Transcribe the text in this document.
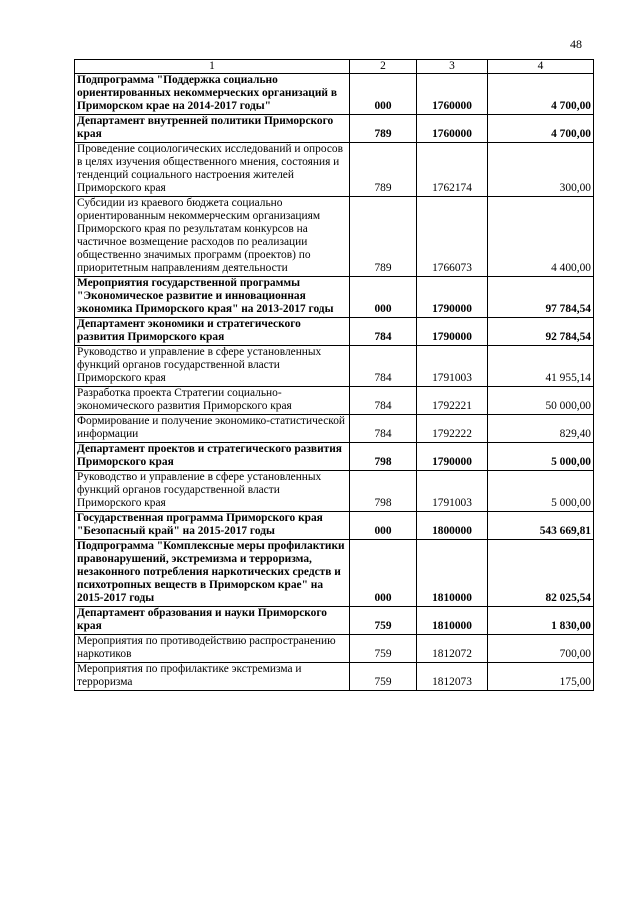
48
1	2	3	4
Подпрограмма "Поддержка социально ориентированных некоммерческих организаций в Приморском крае на 2014-2017 годы"	000	1760000	4 700,00
Департамент внутренней политики Приморского края	789	1760000	4 700,00
Проведение социологических исследований и опросов в целях изучения общественного мнения, состояния и тенденций социального настроения жителей Приморского края	789	1762174	300,00
Субсидии из краевого бюджета социально ориентированным некоммерческим организациям Приморского края по результатам конкурсов на частичное возмещение расходов по реализации общественно значимых программ (проектов) по приоритетным направлениям деятельности	789	1766073	4 400,00
Мероприятия государственной программы "Экономическое развитие и инновационная экономика Приморского края" на 2013-2017 годы	000	1790000	97 784,54
Департамент экономики и стратегического развития Приморского края	784	1790000	92 784,54
Руководство и управление в сфере установленных функций органов государственной власти Приморского края	784	1791003	41 955,14
Разработка проекта Стратегии социально-экономического развития Приморского края	784	1792221	50 000,00
Формирование и получение экономико-статистической информации	784	1792222	829,40
Департамент проектов и стратегического развития Приморского края	798	1790000	5 000,00
Руководство и управление в сфере установленных функций органов государственной власти Приморского края	798	1791003	5 000,00
Государственная программа Приморского края "Безопасный край" на 2015-2017 годы	000	1800000	543 669,81
Подпрограмма "Комплексные меры профилактики правонарушений, экстремизма и терроризма, незаконного потребления наркотических средств и психотропных веществ в Приморском крае" на 2015-2017 годы	000	1810000	82 025,54
Департамент образования и науки Приморского края	759	1810000	1 830,00
Мероприятия по противодействию распространению наркотиков	759	1812072	700,00
Мероприятия по профилактике экстремизма и терроризма	759	1812073	175,00
